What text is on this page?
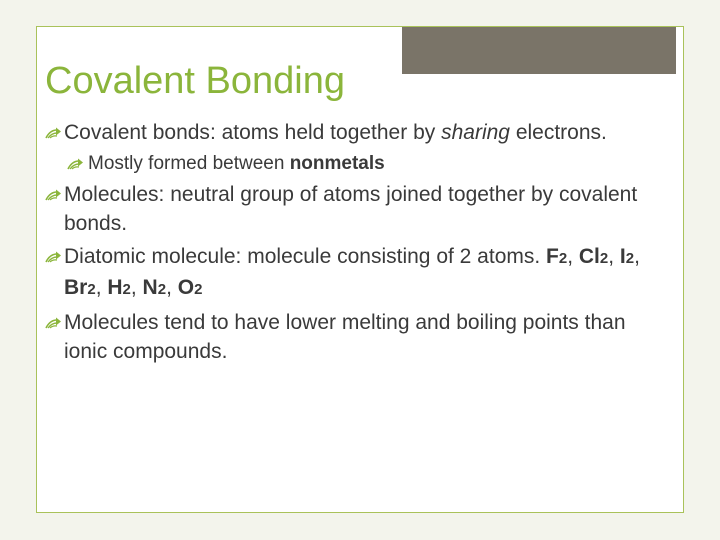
Covalent Bonding
Covalent bonds: atoms held together by sharing electrons.
Mostly formed between nonmetals
Molecules: neutral group of atoms joined together by covalent bonds.
Diatomic molecule: molecule consisting of 2 atoms. F2, Cl2, I2, Br2, H2, N2, O2
Molecules tend to have lower melting and boiling points than ionic compounds.
